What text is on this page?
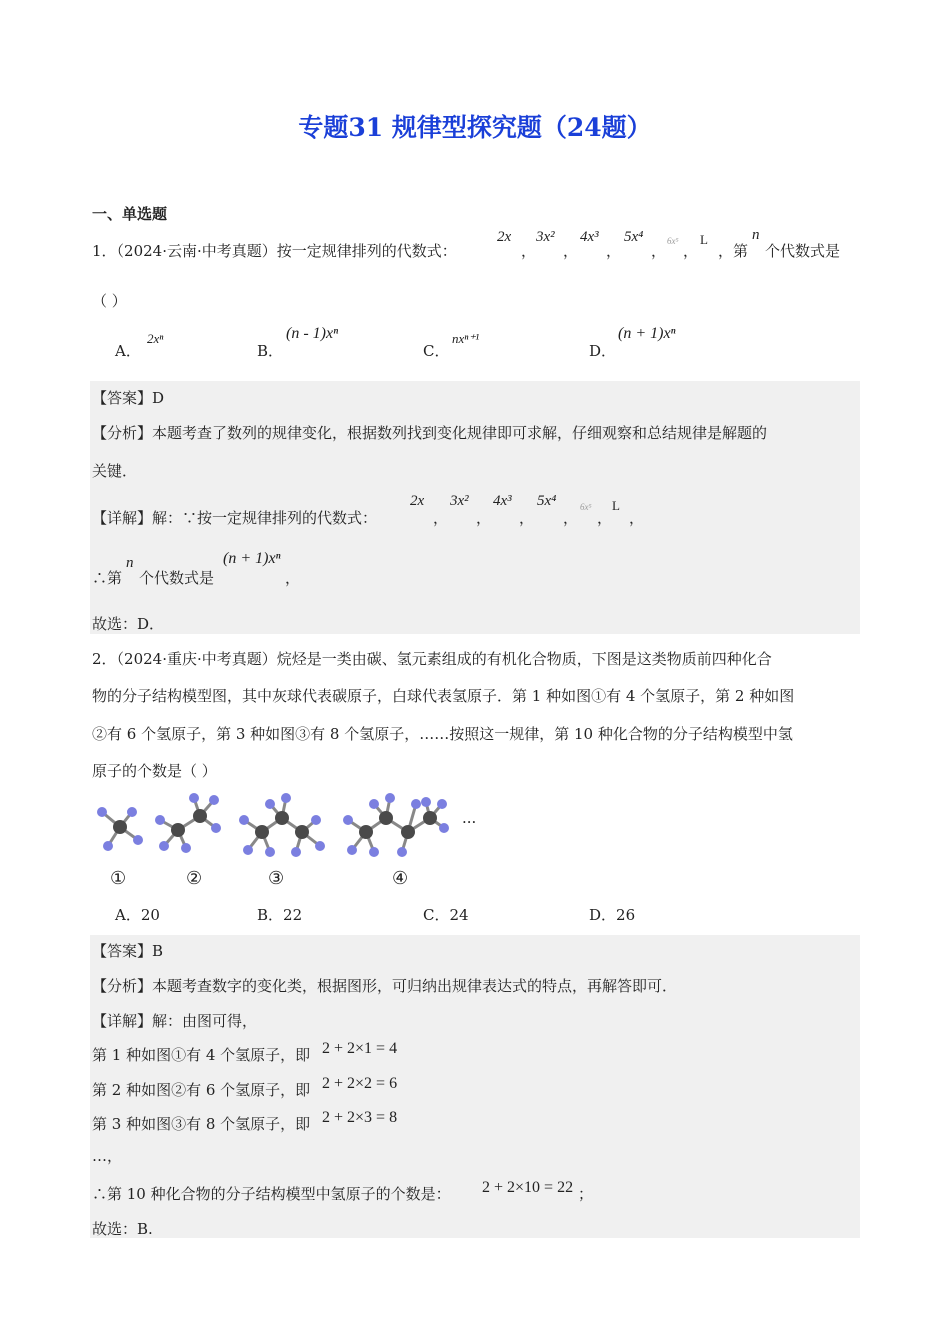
专题31 规律型探究题（24题）
一、单选题
1．（2024·云南·中考真题）按一定规律排列的代数式：
2x
，
3x²
，
4x³
，
5x⁴
，
6x⁵
，
L
，第
n
个代数式是
（ ）
A．
2xⁿ
B．
(n - 1)xⁿ
C．
nxⁿ⁺¹
D．
(n + 1)xⁿ
【答案】D
【分析】本题考查了数列的规律变化，根据数列找到变化规律即可求解，仔细观察和总结规律是解题的
关键．
【详解】解：∵按一定规律排列的代数式：
2x
，
3x²
，
4x³
，
5x⁴
，
6x⁵
，
L
，
∴第
n
个代数式是
(n + 1)xⁿ
，
故选：D．
2．（2024·重庆·中考真题）烷烃是一类由碳、氢元素组成的有机化合物质，下图是这类物质前四种化合
物的分子结构模型图，其中灰球代表碳原子，白球代表氢原子．第 1 种如图①有 4 个氢原子，第 2 种如图
②有 6 个氢原子，第 3 种如图③有 8 个氢原子，……按照这一规律，第 10 种化合物的分子结构模型中氢
原子的个数是（ ）
···
①	②	③	④
A．20	B．22	C．24	D．26
【答案】B
【分析】本题考查数字的变化类，根据图形，可归纳出规律表达式的特点，再解答即可．
【详解】解：由图可得，
第 1 种如图①有 4 个氢原子，即 2 + 2×1 = 4
第 2 种如图②有 6 个氢原子，即 2 + 2×2 = 6
第 3 种如图③有 8 个氢原子，即 2 + 2×3 = 8
…，
∴第 10 种化合物的分子结构模型中氢原子的个数是： 2 + 2×10 = 22 ；
故选：B.
